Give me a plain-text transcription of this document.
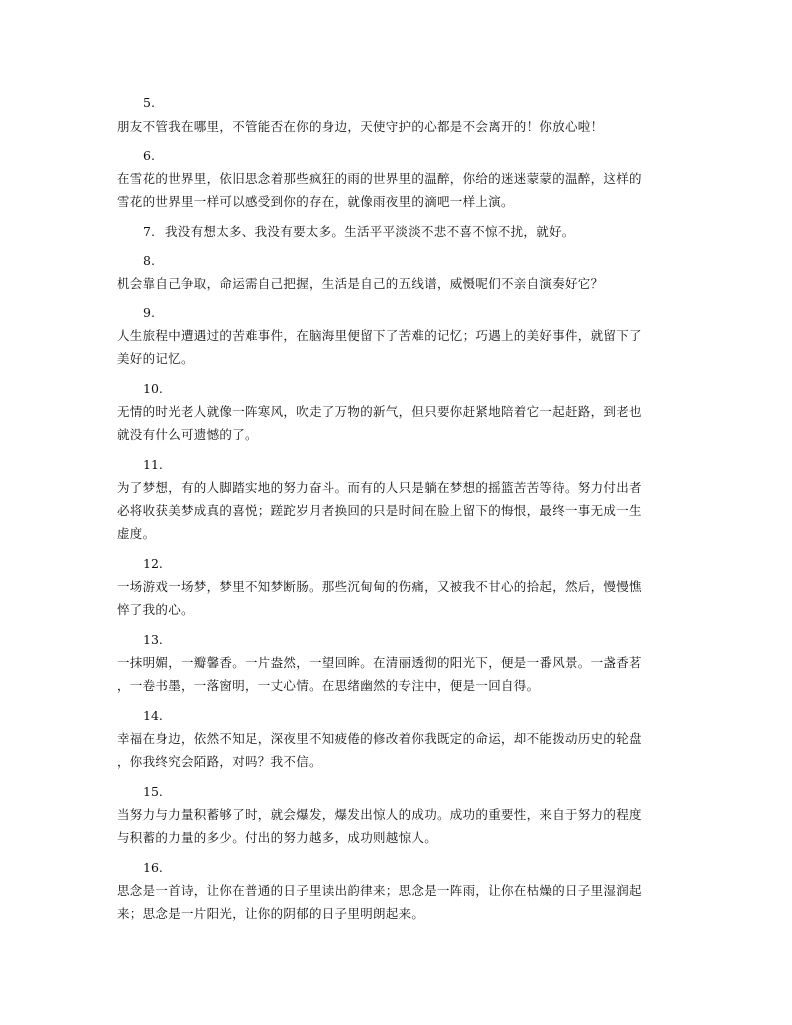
5.
朋友不管我在哪里，不管能否在你的身边，天使守护的心都是不会离开的！你放心啦！
6.
在雪花的世界里，依旧思念着那些疯狂的雨的世界里的温醉，你给的迷迷蒙蒙的温醉，这样的
雪花的世界里一样可以感受到你的存在，就像雨夜里的滴吧一样上演。
7. 我没有想太多、我没有要太多。生活平平淡淡不悲不喜不惊不扰，就好。
8.
机会靠自己争取，命运需自己把握，生活是自己的五线谱，威慑呢们不亲自演奏好它？
9.
人生旅程中遭遇过的苦难事件，在脑海里便留下了苦难的记忆；巧遇上的美好事件，就留下了
美好的记忆。
10.
无情的时光老人就像一阵寒风，吹走了万物的新气，但只要你赶紧地陪着它一起赶路，到老也
就没有什么可遗憾的了。
11.
为了梦想，有的人脚踏实地的努力奋斗。而有的人只是躺在梦想的摇篮苦苦等待。努力付出者
必将收获美梦成真的喜悦；蹉跎岁月者换回的只是时间在脸上留下的悔恨，最终一事无成一生
虚度。
12.
一场游戏一场梦，梦里不知梦断肠。那些沉甸甸的伤痛，又被我不甘心的拾起，然后，慢慢憔
悴了我的心。
13.
一抹明媚，一瓣馨香。一片盎然，一望回眸。在清丽透彻的阳光下，便是一番风景。一盏香茗
，一卷书墨，一落窗明，一丈心情。在思绪幽然的专注中，便是一回自得。
14.
幸福在身边，依然不知足，深夜里不知疲倦的修改着你我既定的命运，却不能拨动历史的轮盘
，你我终究会陌路，对吗？我不信。
15.
当努力与力量积蓄够了时，就会爆发，爆发出惊人的成功。成功的重要性，来自于努力的程度
与积蓄的力量的多少。付出的努力越多，成功则越惊人。
16.
思念是一首诗，让你在普通的日子里读出韵律来；思念是一阵雨，让你在枯燥的日子里湿润起
来；思念是一片阳光，让你的阴郁的日子里明朗起来。
